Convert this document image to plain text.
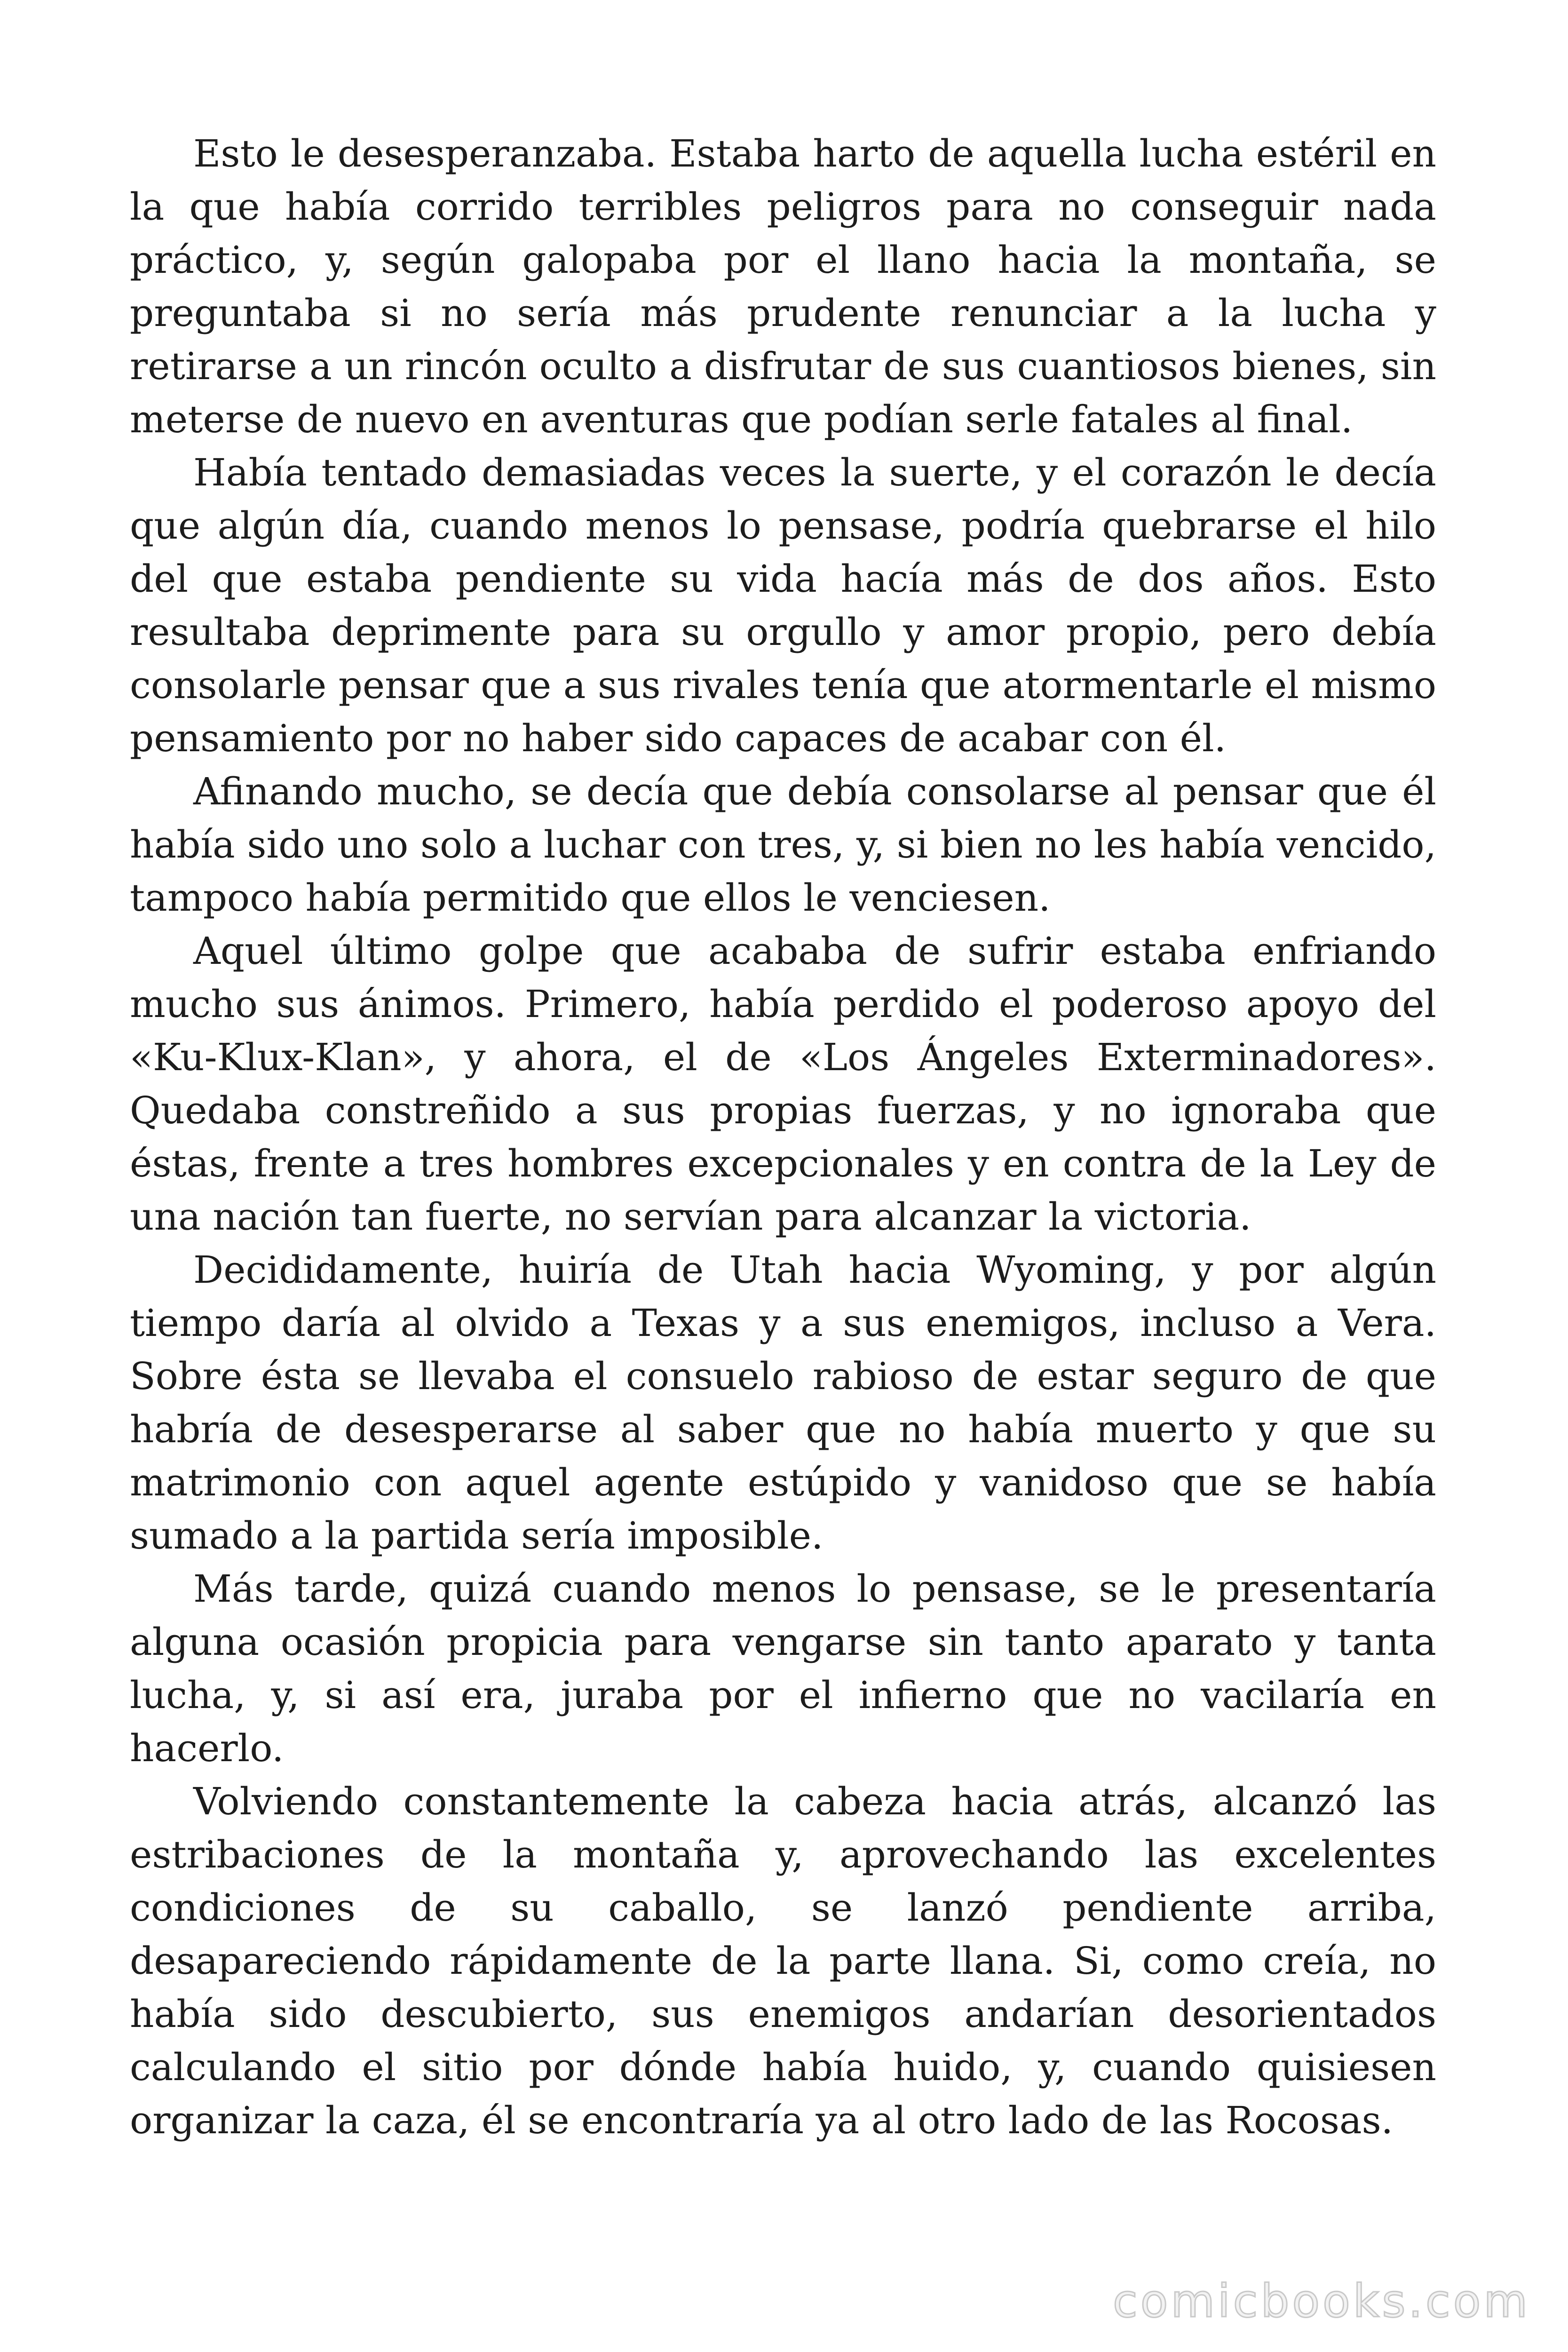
Esto le desesperanzaba. Estaba harto de aquella lucha estéril en la que había corrido terribles peligros para no conseguir nada práctico, y, según galopaba por el llano hacia la montaña, se preguntaba si no sería más prudente renunciar a la lucha y retirarse a un rincón oculto a disfrutar de sus cuantiosos bienes, sin meterse de nuevo en aventuras que podían serle fatales al final.

Había tentado demasiadas veces la suerte, y el corazón le decía que algún día, cuando menos lo pensase, podría quebrarse el hilo del que estaba pendiente su vida hacía más de dos años. Esto resultaba deprimente para su orgullo y amor propio, pero debía consolarle pensar que a sus rivales tenía que atormentarle el mismo pensamiento por no haber sido capaces de acabar con él.

Afinando mucho, se decía que debía consolarse al pensar que él había sido uno solo a luchar con tres, y, si bien no les había vencido, tampoco había permitido que ellos le venciesen.

Aquel último golpe que acababa de sufrir estaba enfriando mucho sus ánimos. Primero, había perdido el poderoso apoyo del «Ku-Klux-Klan», y ahora, el de «Los Ángeles Exterminadores». Quedaba constreñido a sus propias fuerzas, y no ignoraba que éstas, frente a tres hombres excepcionales y en contra de la Ley de una nación tan fuerte, no servían para alcanzar la victoria.

Decididamente, huiría de Utah hacia Wyoming, y por algún tiempo daría al olvido a Texas y a sus enemigos, incluso a Vera. Sobre ésta se llevaba el consuelo rabioso de estar seguro de que habría de desesperarse al saber que no había muerto y que su matrimonio con aquel agente estúpido y vanidoso que se había sumado a la partida sería imposible.

Más tarde, quizá cuando menos lo pensase, se le presentaría alguna ocasión propicia para vengarse sin tanto aparato y tanta lucha, y, si así era, juraba por el infierno que no vacilaría en hacerlo.

Volviendo constantemente la cabeza hacia atrás, alcanzó las estribaciones de la montaña y, aprovechando las excelentes condiciones de su caballo, se lanzó pendiente arriba, desapareciendo rápidamente de la parte llana. Si, como creía, no había sido descubierto, sus enemigos andarían desorientados calculando el sitio por dónde había huido, y, cuando quisiesen organizar la caza, él se encontraría ya al otro lado de las Rocosas.

comicbooks.com
